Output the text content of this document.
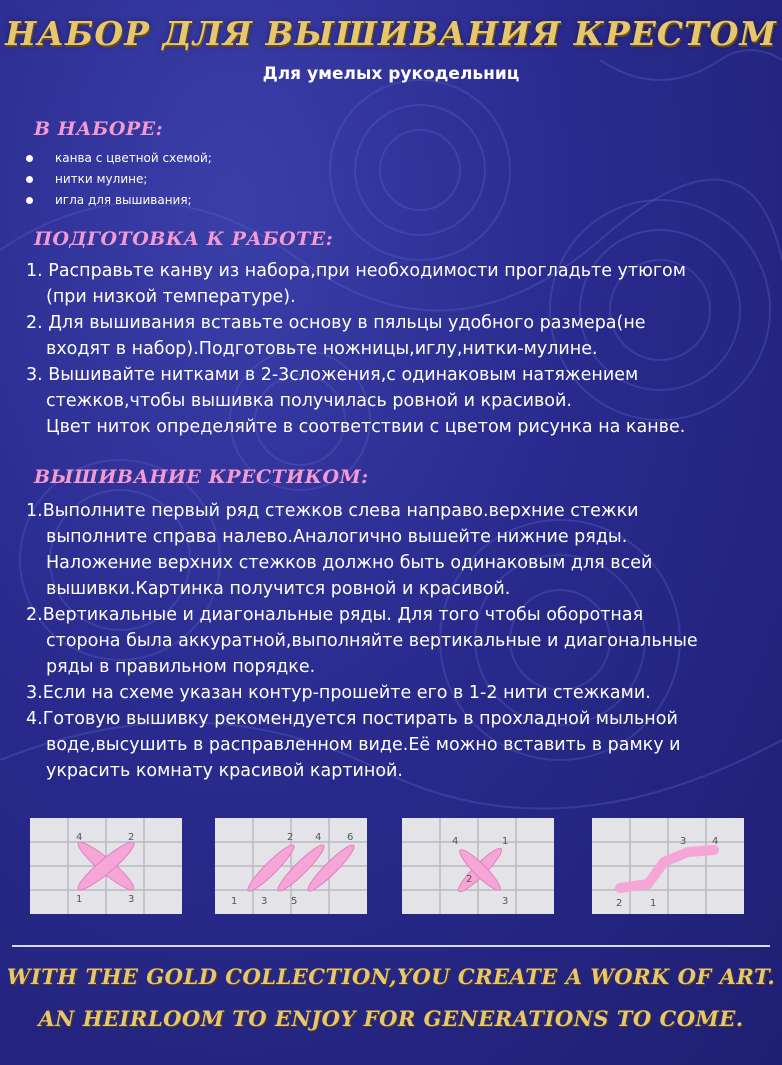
НАБОР ДЛЯ ВЫШИВАНИЯ КРЕСТОМ
Для умелых рукодельниц
В НАБОРЕ:
канва с цветной схемой;
нитки мулине;
игла для вышивания;
ПОДГОТОВКА К РАБОТЕ:
1. Расправьте канву из набора,при необходимости прогладьте утюгом
(при низкой температуре).
2. Для вышивания вставьте основу в пяльцы удобного размера(не
входят в набор).Подготовьте ножницы,иглу,нитки-мулине.
3. Вышивайте нитками в 2-3сложения,с одинаковым натяжением
стежков,чтобы вышивка получилась ровной и красивой.
Цвет ниток определяйте в соответствии с цветом рисунка на канве.
ВЫШИВАНИЕ КРЕСТИКОМ:
1.Выполните первый ряд стежков слева направо.верхние стежки
выполните справа налево.Аналогично вышейте нижние ряды.
Наложение верхних стежков должно быть одинаковым для всей
вышивки.Картинка получится ровной и красивой.
2.Вертикальные и диагональные ряды. Для того чтобы оборотная
сторона была аккуратной,выполняйте вертикальные и диагональные
ряды в правильном порядке.
3.Если на схеме указан контур-прошейте его в 1-2 нити стежками.
4.Готовую вышивку рекомендуется постирать в прохладной мыльной
воде,высушить в расправленном виде.Её можно вставить в рамку и
украсить комнату красивой картиной.
4	2
1	3
2 4	6
1 3 5
4	1
2
3
3	4
2	1
WITH THE GOLD COLLECTION,YOU CREATE A WORK OF ART.
AN HEIRLOOM TO ENJOY FOR GENERATIONS TO COME.
